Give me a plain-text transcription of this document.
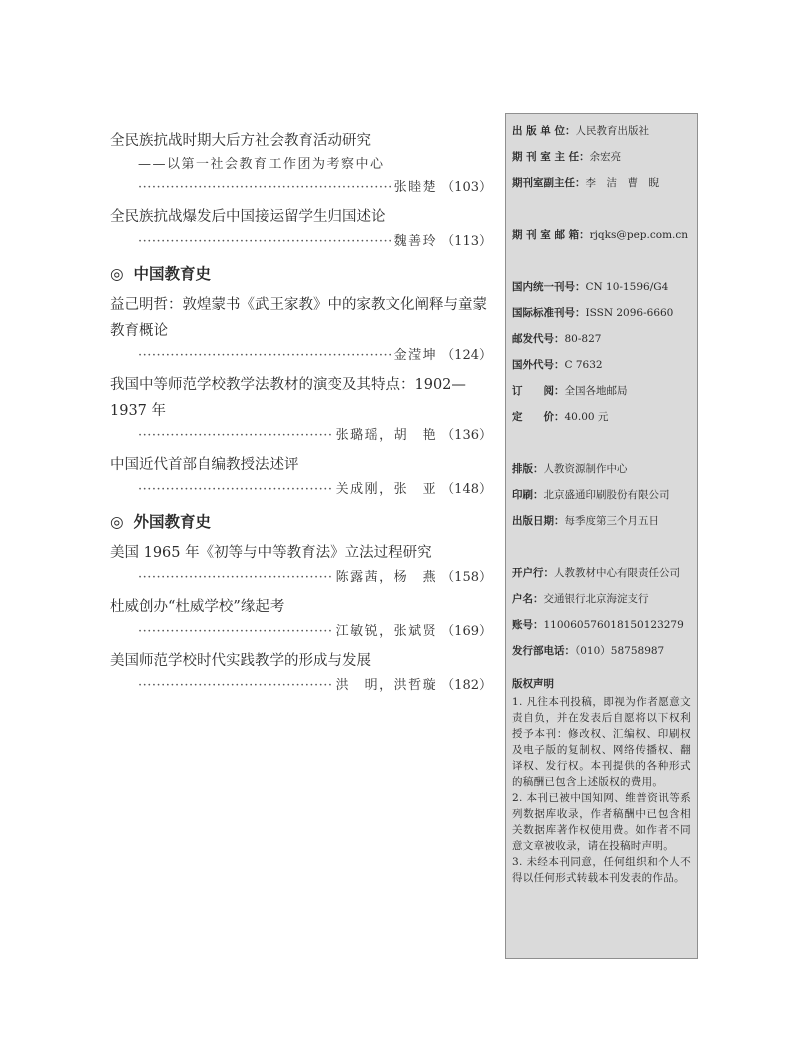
全民族抗战时期大后方社会教育活动研究

——以第一社会教育工作团为考察中心

·····
张睦楚 （103）

全民族抗战爆发后中国接运留学生归国述论

·····
魏善玲 （113）
◎ 中国教育史

益己明哲：敦煌蒙书《武王家教》中的家教文化阐释与童蒙教育概论

·····
金滢坤 （124）

我国中等师范学校教学法教材的演变及其特点：1902—1937 年

·····
张璐瑶，胡　艳 （136）

中国近代首部自编教授法述评

·····
关成刚，张　亚 （148）
◎ 外国教育史

美国 1965 年《初等与中等教育法》立法过程研究

·····
陈露茜，杨　燕 （158）

杜威创办“杜威学校”缘起考

·····
江敏锐，张斌贤 （169）

美国师范学校时代实践教学的形成与发展

·····
洪　明，洪哲璇 （182）
出 版 单 位：人民教育出版社
期 刊 室 主 任：余宏亮
期刊室副主任：李　洁　曹　睨
期 刊 室 邮 箱：rjqks@pep.com.cn
国内统一刊号：CN 10-1596/G4
国际标准刊号：ISSN 2096-6660
邮发代号：80-827
国外代号：C 7632
订　　阅：全国各地邮局
定　　价：40.00 元
排版：人教资源制作中心
印刷：北京盛通印刷股份有限公司
出版日期：每季度第三个月五日
开户行：人教教材中心有限责任公司
户名：交通银行北京海淀支行
账号：110060576018150123279
发行部电话：（010）58758987
版权声明

1. 凡往本刊投稿，即视为作者愿意文责自负，并在发表后自愿将以下权利授予本刊：修改权、汇编权、印刷权及电子版的复制权、网络传播权、翻译权、发行权。本刊提供的各种形式的稿酬已包含上述版权的费用。

2. 本刊已被中国知网、维普资讯等系列数据库收录，作者稿酬中已包含相关数据库著作权使用费。如作者不同意文章被收录，请在投稿时声明。

3. 未经本刊同意，任何组织和个人不得以任何形式转载本刊发表的作品。
